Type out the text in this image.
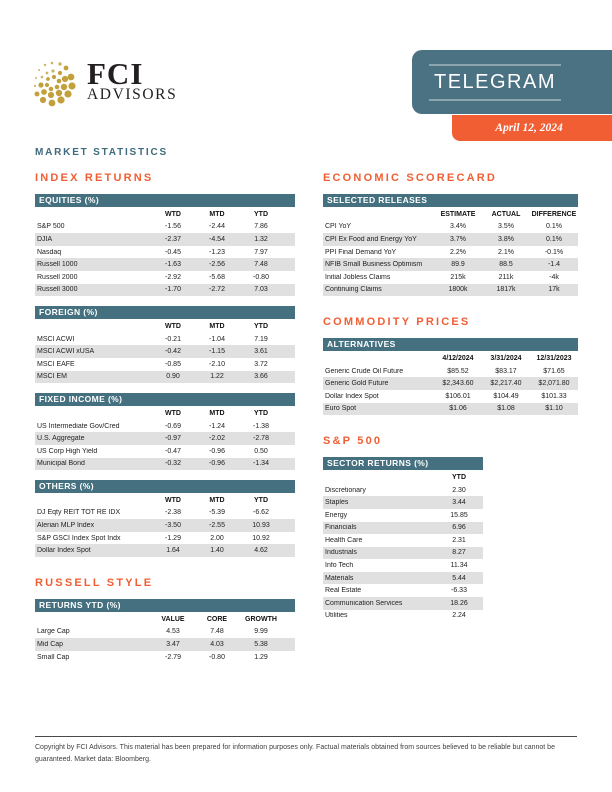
FCI
ADVISORS
TELEGRAM
April 12, 2024
MARKET STATISTICS
INDEX RETURNS
EQUITIES (%)
WTD	MTD	YTD
S&P 500	-1.56	-2.44	7.86
DJIA	-2.37	-4.54	1.32
Nasdaq	-0.45	-1.23	7.97
Russell 1000	-1.63	-2.56	7.48
Russell 2000	-2.92	-5.68	-0.80
Russell 3000	-1.70	-2.72	7.03
FOREIGN (%)
WTD	MTD	YTD
MSCI ACWI	-0.21	-1.04	7.19
MSCI ACWI xUSA	-0.42	-1.15	3.61
MSCI EAFE	-0.85	-2.10	3.72
MSCI EM	0.90	1.22	3.66
FIXED INCOME (%)
WTD	MTD	YTD
US Intermediate Gov/Cred	-0.69	-1.24	-1.38
U.S. Aggregate	-0.97	-2.02	-2.78
US Corp High Yield	-0.47	-0.96	0.50
Municipal Bond	-0.32	-0.96	-1.34
OTHERS (%)
WTD	MTD	YTD
DJ Eqty REIT TOT RE IDX	-2.38	-5.39	-6.62
Alerian MLP Index	-3.50	-2.55	10.93
S&P GSCI Index Spot Indx	-1.29	2.00	10.92
Dollar Index Spot	1.64	1.40	4.62
RUSSELL STYLE
RETURNS YTD (%)
VALUE	CORE	GROWTH
Large Cap	4.53	7.48	9.99
Mid Cap	3.47	4.03	5.38
Small Cap	-2.79	-0.80	1.29
ECONOMIC SCORECARD
SELECTED RELEASES
ESTIMATE	ACTUAL	DIFFERENCE
CPI YoY	3.4%	3.5%	0.1%
CPI Ex Food and Energy YoY	3.7%	3.8%	0.1%
PPI Final Demand YoY	2.2%	2.1%	-0.1%
NFIB Small Business Optimism	89.9	88.5	-1.4
Initial Jobless Claims	215k	211k	-4k
Continuing Claims	1800k	1817k	17k
COMMODITY PRICES
ALTERNATIVES
4/12/2024	3/31/2024	12/31/2023
Generic Crude Oil Future	$85.52	$83.17	$71.65
Generic Gold Future	$2,343.60	$2,217.40	$2,071.80
Dollar Index Spot	$106.01	$104.49	$101.33
Euro Spot	$1.06	$1.08	$1.10
S&P 500
SECTOR RETURNS (%)
YTD
Discretionary	2.30
Staples	3.44
Energy	15.85
Financials	6.96
Health Care	2.31
Industrials	8.27
Info Tech	11.34
Materials	5.44
Real Estate	-6.33
Communication Services	18.26
Utilities	2.24

Copyright by FCI Advisors. This material has been prepared for information purposes only. Factual materials obtained from sources believed to be reliable but cannot be guaranteed. Market data: Bloomberg.
